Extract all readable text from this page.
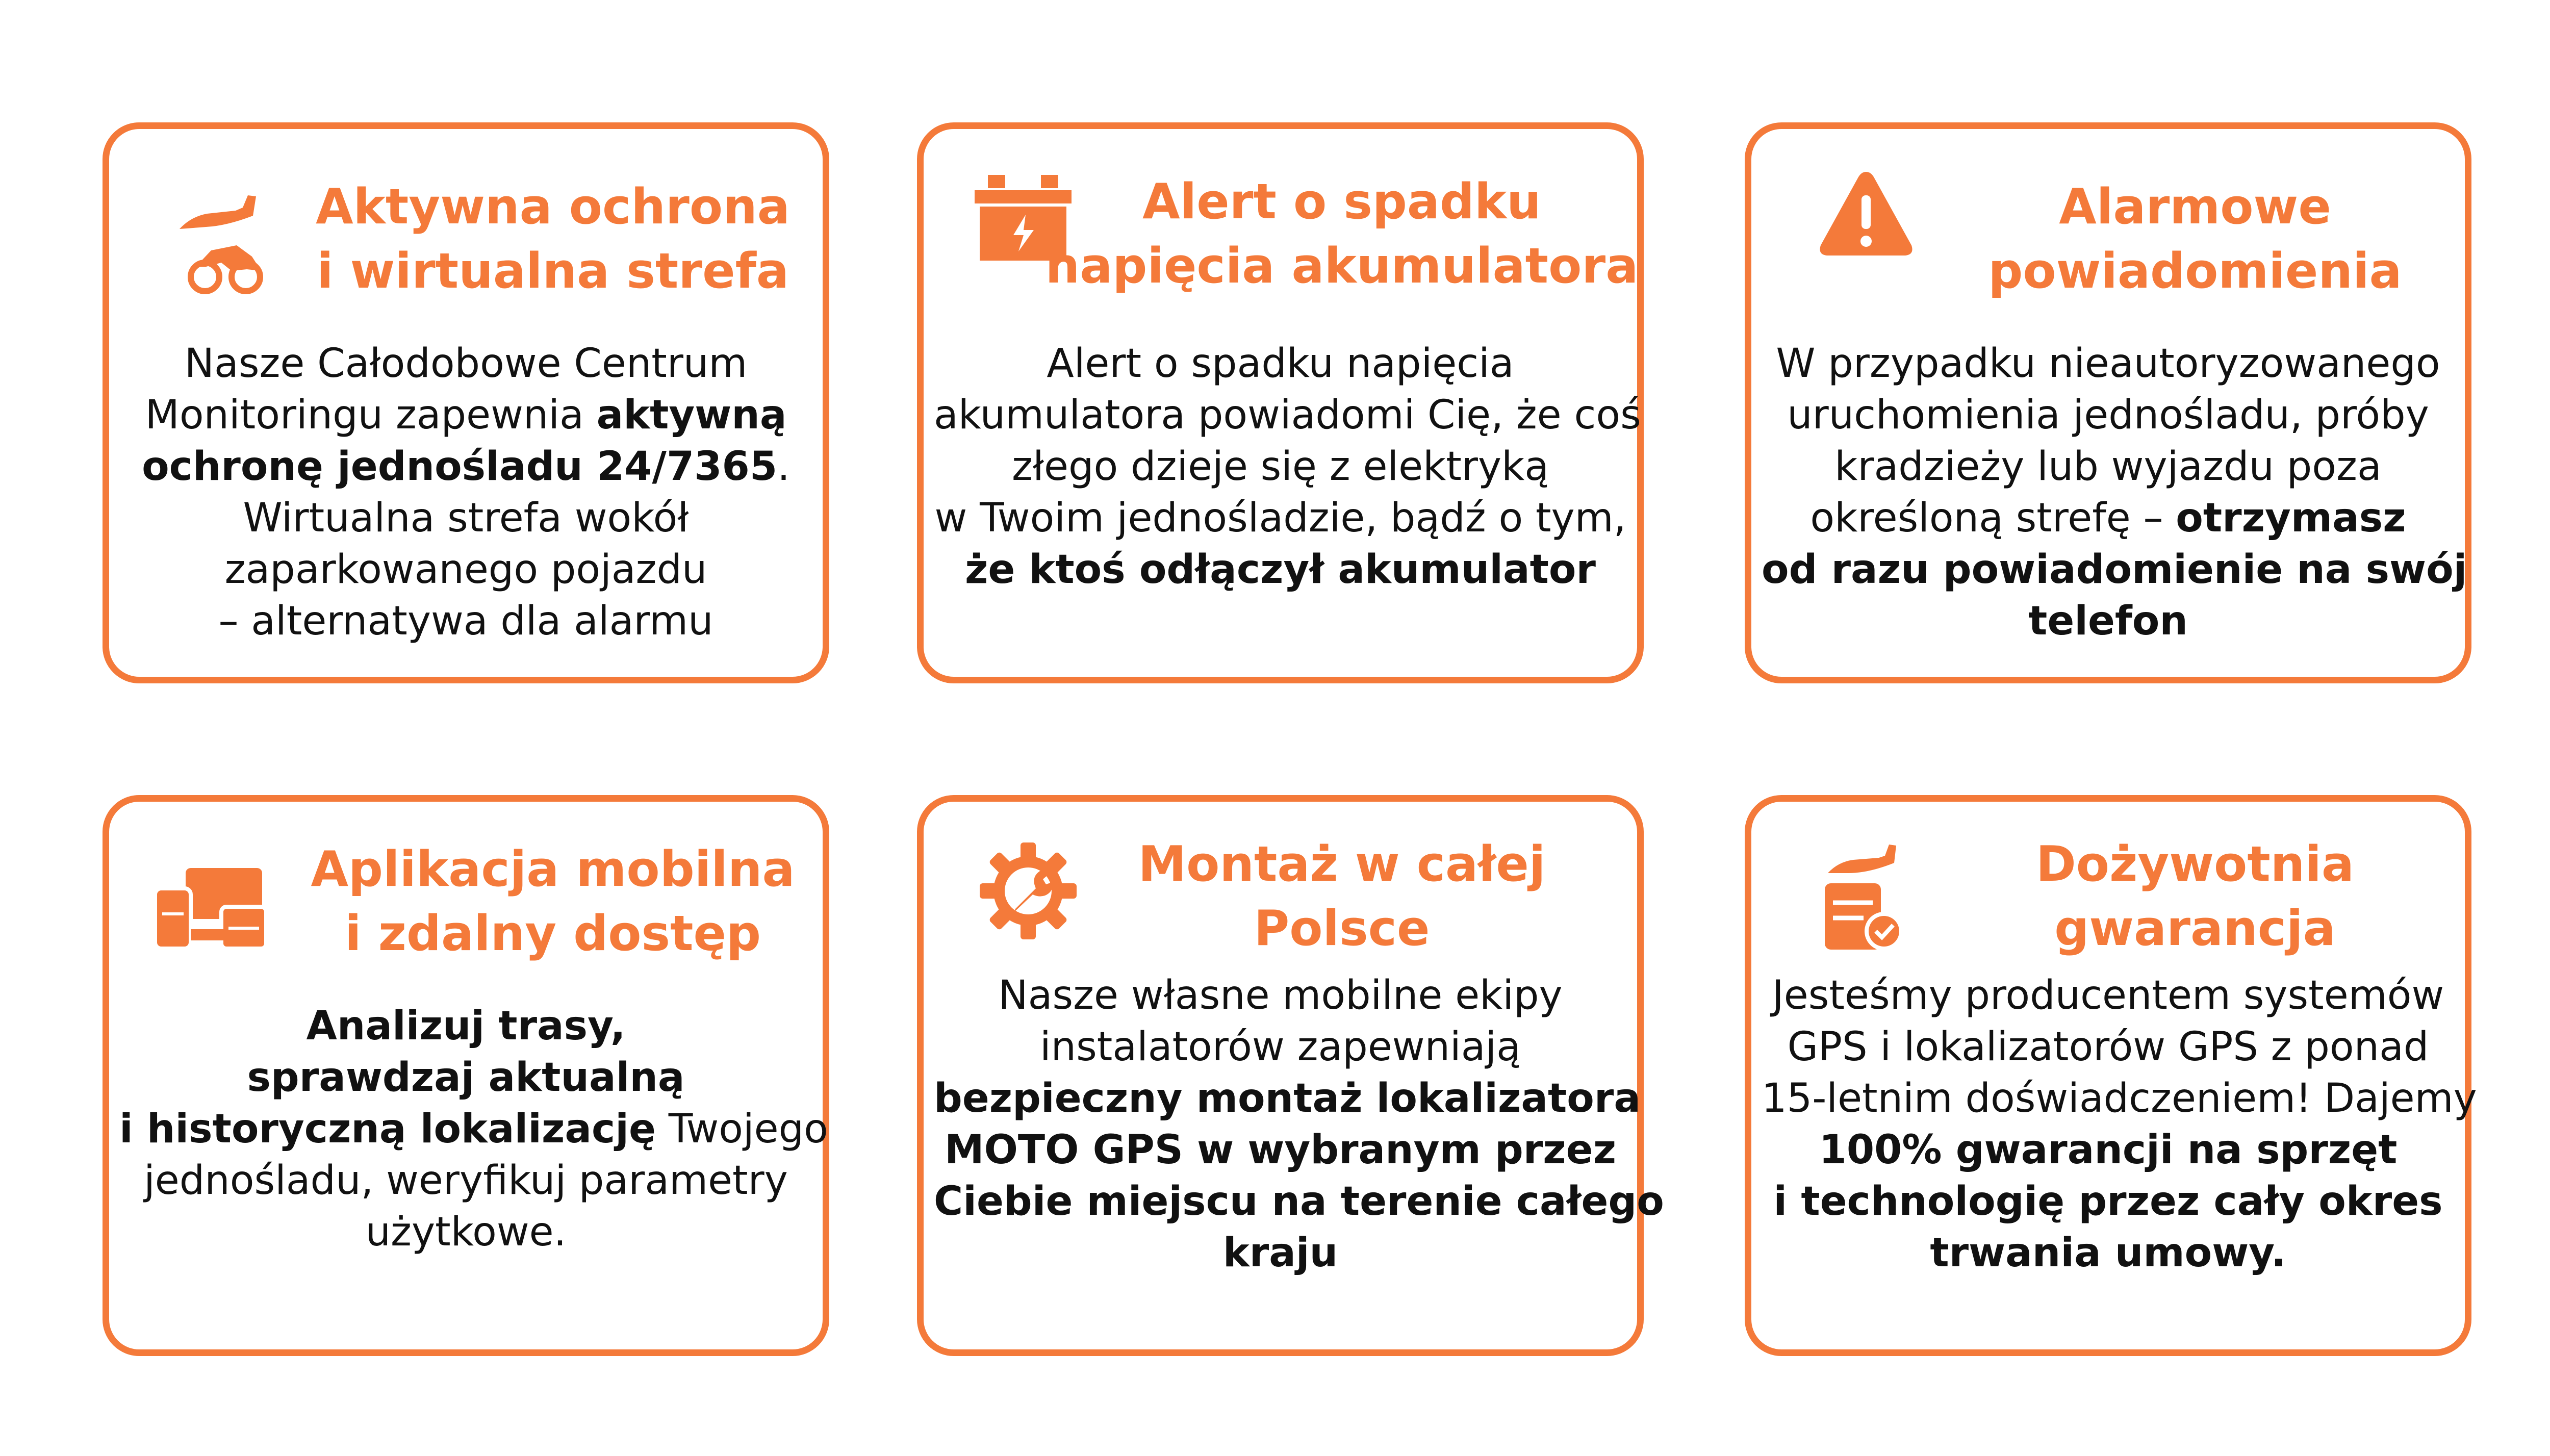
Aktywna ochrona
i wirtualna strefa
Nasze Całodobowe Centrum
Monitoringu zapewnia aktywną
ochronę jednośladu 24/7365.
Wirtualna strefa wokół
zaparkowanego pojazdu
– alternatywa dla alarmu
Alert o spadku
napięcia akumulatora
Alert o spadku napięcia
akumulatora powiadomi Cię, że coś
złego dzieje się z elektryką
w Twoim jednośladzie, bądź o tym,
że ktoś odłączył akumulator
Alarmowe
powiadomienia
W przypadku nieautoryzowanego
uruchomienia jednośladu, próby
kradzieży lub wyjazdu poza
określoną strefę – otrzymasz
od razu powiadomienie na swój
telefon
Aplikacja mobilna
i zdalny dostęp
Analizuj trasy,
sprawdzaj aktualną
i historyczną lokalizację Twojego
jednośladu, weryfikuj parametry
użytkowe.
Montaż w całej
Polsce
Nasze własne mobilne ekipy
instalatorów zapewniają
bezpieczny montaż lokalizatora
MOTO GPS w wybranym przez
Ciebie miejscu na terenie całego
kraju
Dożywotnia
gwarancja
Jesteśmy producentem systemów
GPS i lokalizatorów GPS z ponad
15-letnim doświadczeniem! Dajemy
100% gwarancji na sprzęt
i technologię przez cały okres
trwania umowy.
